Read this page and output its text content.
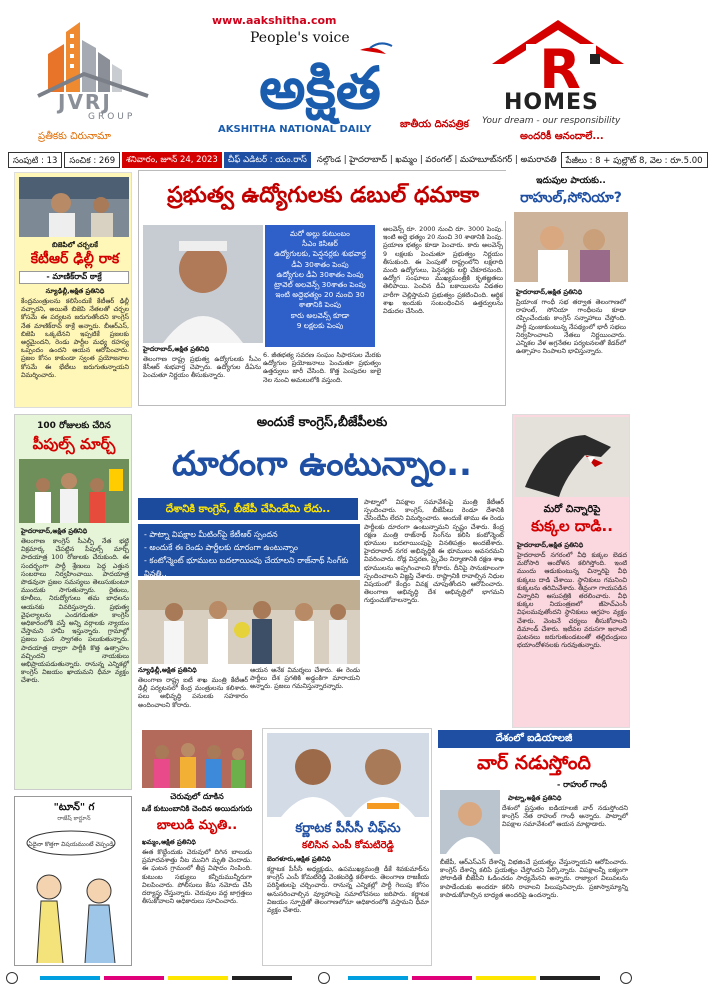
JVRJ
GROUP
ప్రతీకకు చిరునామా
www.aakshitha.com
People's voice
అక్షిత
AKSHITHA NATIONAL DAILY	జాతీయ దినపత్రిక
R
HOMES
Your dream - our responsibility
అందరికీ ఆనందాలే...
సంపుటి : 13	సంచిక : 269	శనివారం, జూన్ 24, 2023	చీఫ్ ఎడిటర్ : యం.రాస్	నల్గొండ | హైదరాబాద్ | ఖమ్మం | వరంగల్ | మహబూబ్‌నగర్ | అమరావతి	పేజీలు : 8 + పుల్లౌట్ 8, వెల : రూ.5.00
బిజెపిలో చర్చలకే
కేటీఆర్ ఢిల్లీ రాక
- మాణిక్‌రావ్ ఠాక్రే
న్యూఢిల్లీ,అక్షిత ప్రతినిధి
కేంద్రమంత్రులను కలిసేందుకే కేటీఆర్ ఢిల్లీ వచ్చారని, అయితే బిజెపి నేతలతో చర్చల కోసమే ఈ పర్యటన జరుగుతోందని కాంగ్రెస్ నేత మాణిక్‌రావ్ ఠాక్రే అన్నారు. బీఆర్ఎస్, బిజెపి ఒక్కటేనని ఇప్పటికే ప్రజలకు అర్థమైందని, రెండు పార్టీల మధ్య రహస్య ఒప్పందం ఉందని ఆయన ఆరోపించారు. ప్రజల కోసం కాకుండా స్వంత ప్రయోజనాల కోసమే ఈ భేటీలు జరుగుతున్నాయని విమర్శించారు.
ప్రభుత్వ ఉద్యోగులకు డబుల్ ధమాకా
మరో అల్లు కుటుంబం
సీఎం కెసిఆర్
ఉద్యోగులకు, పెన్షనర్లకు శుభవార్త
డీఏ 30శాతం పెంపు
ఉద్యోగుల డీఏ 30శాతం పెంపు
ట్రావెల్ అలవెన్స్ 30శాతం పెంపు
ఇంటి అద్దెభత్యం 20 నుంచి 30 శాతానికి పెంపు
కారు అలవెన్స్ కూడా
9 లక్షలకు పెంపు
హైదరాబాద్,అక్షిత ప్రతినిధి
తెలంగాణ రాష్ట్ర ప్రభుత్వ ఉద్యోగులకు సీఎం కేసీఆర్ శుభవార్త చెప్పారు. ఉద్యోగుల డీఏను పెంచుతూ నిర్ణయం తీసుకున్నారు.
6. జీతభత్య సవరణ సంఘం సిఫారసుల మేరకు ఉద్యోగుల ప్రయోజనాలు పెంచుతూ ప్రభుత్వం ఉత్తర్వులు జారీ చేసింది. కొత్త పెంపుదల జులై నెల నుంచి అమలులోకి వస్తుంది.
అలవెన్స్ రూ. 2000 నుంచి రూ. 3000 పెంపు. ఇంటి అద్దె భత్యం 20 నుంచి 30 శాతానికి పెంపు. ప్రయాణ భత్యం కూడా పెంచారు. కారు అలవెన్స్ 9 లక్షలకు పెంచుతూ ప్రభుత్వం నిర్ణయం తీసుకుంది. ఈ పెంపుతో రాష్ట్రంలోని లక్షలాది మంది ఉద్యోగులు, పెన్షనర్లకు లబ్ధి చేకూరనుంది. ఉద్యోగ సంఘాలు ముఖ్యమంత్రికి కృతజ్ఞతలు తెలిపాయి. పెంచిన డీఏ బకాయిలను విడతల వారీగా చెల్లిస్తామని ప్రభుత్వం ప్రకటించింది. ఆర్థిక శాఖ ఇందుకు సంబంధించిన ఉత్తర్వులను విడుదల చేసింది.
ఇదుపుల పాయకు..
రాహుల్,సోనియా?
హైదరాబాద్,అక్షిత ప్రతినిధి
ప్రియాంక గాంధీ సభ తర్వాత తెలంగాణలో రాహుల్, సోనియా గాంధీలను కూడా రప్పించేందుకు కాంగ్రెస్ సన్నాహాలు చేస్తోంది. పార్టీ పుంజుకుంటున్న నేపథ్యంలో భారీ సభలు నిర్వహించాలని నేతలు నిర్ణయించారు. ఎన్నికల వేళ అగ్రనేతల పర్యటనలతో కేడర్‌లో ఉత్సాహం నింపాలని భావిస్తున్నారు.
100 రోజులకు చేరిన
పీపుల్స్ మార్చ్
హైదరాబాద్,అక్షిత ప్రతినిధి
తెలంగాణ కాంగ్రెస్ సీఎల్పీ నేత భట్టి విక్రమార్క చేపట్టిన పీపుల్స్ మార్చ్ పాదయాత్ర 100 రోజులకు చేరుకుంది. ఈ సందర్భంగా పార్టీ శ్రేణులు పెద్ద ఎత్తున సంబరాలు నిర్వహించాయి. పాదయాత్ర పొడవునా ప్రజల సమస్యలు తెలుసుకుంటూ ముందుకు సాగుతున్నారు. రైతులు, కూలీలు, నిరుద్యోగులు తమ బాధలను ఆయనకు వివరిస్తున్నారు. ప్రభుత్వ వైఫల్యాలను ఎండగడుతూ కాంగ్రెస్ అధికారంలోకి వస్తే అన్ని వర్గాలకు న్యాయం చేస్తామని హామీ ఇస్తున్నారు. గ్రామాల్లో ప్రజలు ఘన స్వాగతం పలుకుతున్నారు. పాదయాత్ర ద్వారా పార్టీకి కొత్త ఉత్సాహం వచ్చిందని నాయకులు అభిప్రాయపడుతున్నారు. రానున్న ఎన్నికల్లో కాంగ్రెస్ విజయం ఖాయమని ధీమా వ్యక్తం చేశారు.
అందుకే కాంగ్రెస్,బీజేపీలకు
దూరంగా ఉంటున్నాం..
దేశానికి కాంగ్రెస్, బీజేపీ చేసిందేమి లేదు..
- పాట్నా విపక్షాల మీటింగ్‌పై కేటీఆర్ స్పందన
- అందుకే ఈ రెండు పార్టీలకు దూరంగా ఉంటున్నాం
- కంటోన్మెంట్ భూములు బదలాయింపు చేయాలని రాజ్‌నాథ్ సింగ్‌కు వినతి..
న్యూఢిల్లీ,అక్షిత ప్రతినిధి
తెలంగాణ రాష్ట్ర ఐటీ శాఖ మంత్రి కేటీఆర్ ఢిల్లీ పర్యటనలో కేంద్ర మంత్రులను కలిశారు. పలు అభివృద్ధి పనులకు సహకారం అందించాలని కోరారు.
ఆయన అనేక విమర్శలు చేశారు. ఈ రెండు పార్టీలు దేశ ప్రగతికి అడ్డంకిగా మారాయని అన్నారు. ప్రజలు గమనిస్తున్నారన్నారు.
పాట్నాలో విపక్షాల సమావేశంపై మంత్రి కేటీఆర్ స్పందించారు. కాంగ్రెస్, బీజేపీలు రెండూ దేశానికి చేసిందేమీ లేదని విమర్శించారు. అందుకే తాము ఈ రెండు పార్టీలకు దూరంగా ఉంటున్నామని స్పష్టం చేశారు. కేంద్ర రక్షణ మంత్రి రాజ్‌నాథ్ సింగ్‌ను కలిసి కంటోన్మెంట్ భూముల బదలాయింపుపై వినతిపత్రం అందజేశారు. హైదరాబాద్ నగర అభివృద్ధికి ఈ భూములు అవసరమని వివరించారు. రోడ్ల విస్తరణ, స్కైవేల నిర్మాణానికి రక్షణ శాఖ భూములను అప్పగించాలని కోరారు. దీనిపై సానుకూలంగా స్పందించాలని విజ్ఞప్తి చేశారు. రాష్ట్రానికి రావాల్సిన నిధుల విషయంలో కేంద్రం వివక్ష చూపుతోందని ఆరోపించారు. తెలంగాణ అభివృద్ధి దేశ అభివృద్ధిలో భాగమని గుర్తుంచుకోవాలన్నారు.
మరో చిన్నారిపై
కుక్కల దాడి..
హైదరాబాద్,అక్షిత ప్రతినిధి
హైదరాబాద్ నగరంలో వీధి కుక్కల బెడద మరోసారి ఆందోళన కలిగిస్తోంది. ఇంటి ముందు ఆడుకుంటున్న చిన్నారిపై వీధి కుక్కలు దాడి చేశాయి. స్థానికులు గమనించి కుక్కలను తరిమివేశారు. తీవ్రంగా గాయపడిన చిన్నారిని ఆసుపత్రికి తరలించారు. వీధి కుక్కల నియంత్రణలో జీహెచ్ఎంసీ విఫలమవుతోందని స్థానికులు ఆగ్రహం వ్యక్తం చేశారు. వెంటనే చర్యలు తీసుకోవాలని డిమాండ్ చేశారు. ఇటీవల వరుసగా ఇలాంటి ఘటనలు జరుగుతుండటంతో తల్లిదండ్రులు భయాందోళనలకు గురవుతున్నారు.
"టూన్" గ
రాజేష్ కార్టూన్
ఏదైనా కొత్తగా విషయముంటే చెప్పండి
చెరువులో దూకిన
ఒకే కుటుంబానికి చెందిన అయిదుగురు
బాలుడి మృతి..
ఖమ్మం,అక్షిత ప్రతినిధి
ఈత కొట్టేందుకు చెరువులో దిగిన బాలుడు ప్రమాదవశాత్తు నీట మునిగి మృతి చెందాడు. ఈ ఘటన గ్రామంలో తీవ్ర విషాదం నింపింది. కుటుంబ సభ్యులు కన్నీరుమున్నీరుగా విలపించారు. పోలీసులు కేసు నమోదు చేసి దర్యాప్తు చేస్తున్నారు. చెరువుల వద్ద జాగ్రత్తలు తీసుకోవాలని అధికారులు సూచించారు.
కర్ణాటక పీసీసీ చీఫ్‌ను
కలిసిన ఎంపీ కోమటిరెడ్డి
బెంగళూరు,అక్షిత ప్రతినిధి
కర్ణాటక పీసీసీ అధ్యక్షుడు, ఉపముఖ్యమంత్రి డీకే శివకుమార్‌ను కాంగ్రెస్ ఎంపీ కోమటిరెడ్డి వెంకటరెడ్డి కలిశారు. తెలంగాణ రాజకీయ పరిస్థితులపై చర్చించారు. రానున్న ఎన్నికల్లో పార్టీ గెలుపు కోసం అనుసరించాల్సిన వ్యూహాలపై సమాలోచనలు జరిపారు. కర్ణాటక విజయం స్ఫూర్తితో తెలంగాణలోనూ అధికారంలోకి వస్తామని ధీమా వ్యక్తం చేశారు.
దేశంలో ఐడియాలజీ
వార్ నడుస్తోంది
- రాహుల్ గాంధీ
పాట్నా,అక్షిత ప్రతినిధి
దేశంలో ప్రస్తుతం ఐడియాలజీ వార్ నడుస్తోందని కాంగ్రెస్ నేత రాహుల్ గాంధీ అన్నారు. పాట్నాలో విపక్షాల సమావేశంలో ఆయన మాట్లాడారు.
బీజేపీ, ఆర్ఎస్ఎస్ దేశాన్ని విభజించే ప్రయత్నం చేస్తున్నాయని ఆరోపించారు. కాంగ్రెస్ దేశాన్ని కలిపే ప్రయత్నం చేస్తోందని పేర్కొన్నారు. విపక్షాలన్నీ ఐక్యంగా పోరాడితే బీజేపీని ఓడించడం సాధ్యమేనని అన్నారు. రాజ్యాంగ విలువలను కాపాడేందుకు అందరూ కలిసి రావాలని పిలుపునిచ్చారు. ప్రజాస్వామ్యాన్ని కాపాడుకోవాల్సిన బాధ్యత అందరిపై ఉందన్నారు.
